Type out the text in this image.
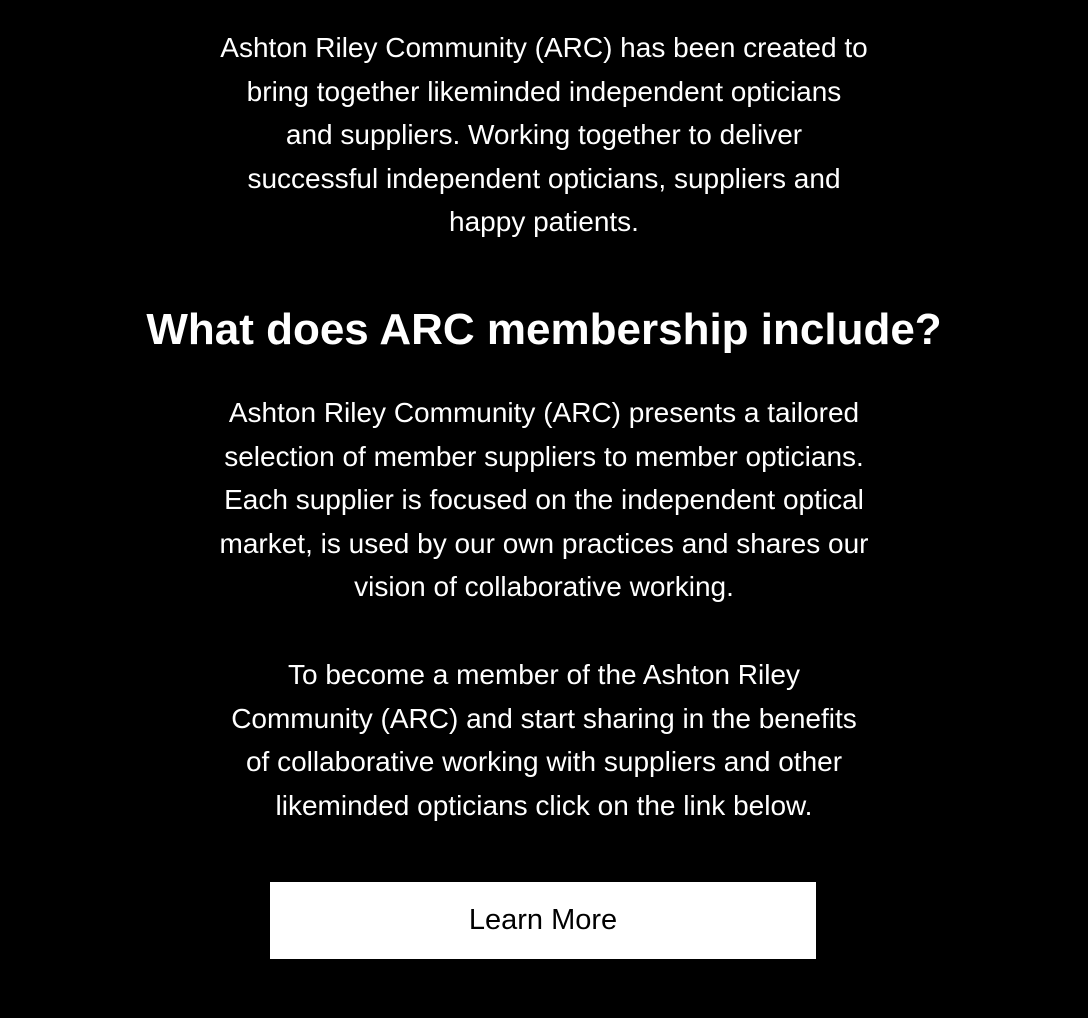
Ashton Riley Community (ARC) has been created to
bring together likeminded independent opticians
and suppliers. Working together to deliver
successful independent opticians, suppliers and
happy patients.

What does ARC membership include?

Ashton Riley Community (ARC) presents a tailored
selection of member suppliers to member opticians.
Each supplier is focused on the independent optical
market, is used by our own practices and shares our
vision of collaborative working.

To become a member of the Ashton Riley
Community (ARC) and start sharing in the benefits
of collaborative working with suppliers and other
likeminded opticians click on the link below.

Learn More
